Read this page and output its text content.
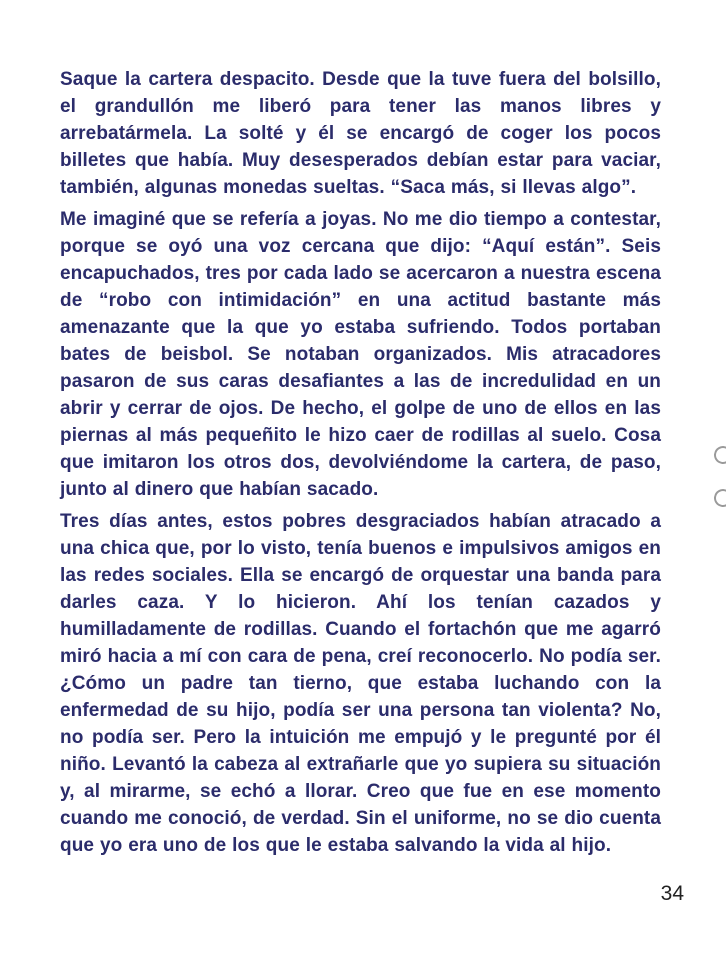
Saque la cartera despacito. Desde que la tuve fuera del bolsillo, el grandullón me liberó para tener las manos libres y arrebatármela. La solté y él se encargó de coger los pocos billetes que había. Muy desesperados debían estar para vaciar, también, algunas monedas sueltas. “Saca más, si llevas algo”.

Me imaginé que se refería a joyas. No me dio tiempo a contestar, porque se oyó una voz cercana que dijo: “Aquí están”. Seis encapuchados, tres por cada lado se acercaron a nuestra escena de “robo con intimidación” en una actitud bastante más amenazante que la que yo estaba sufriendo. Todos portaban bates de beisbol. Se notaban organizados. Mis atracadores pasaron de sus caras desafiantes a las de incredulidad en un abrir y cerrar de ojos. De hecho, el golpe de uno de ellos en las piernas al más pequeñito le hizo caer de rodillas al suelo. Cosa que imitaron los otros dos, devolviéndome la cartera, de paso, junto al dinero que habían sacado.

Tres días antes, estos pobres desgraciados habían atracado a una chica que, por lo visto, tenía buenos e impulsivos amigos en las redes sociales. Ella se encargó de orquestar una banda para darles caza. Y lo hicieron. Ahí los tenían cazados y humilladamente de rodillas. Cuando el fortachón que me agarró miró hacia a mí con cara de pena, creí reconocerlo. No podía ser. ¿Cómo un padre tan tierno, que estaba luchando con la enfermedad de su hijo, podía ser una persona tan violenta? No, no podía ser. Pero la intuición me empujó y le pregunté por él niño. Levantó la cabeza al extrañarle que yo supiera su situación y, al mirarme, se echó a llorar. Creo que fue en ese momento cuando me conoció, de verdad. Sin el uniforme, no se dio cuenta que yo era uno de los que le estaba salvando la vida al hijo.

34
